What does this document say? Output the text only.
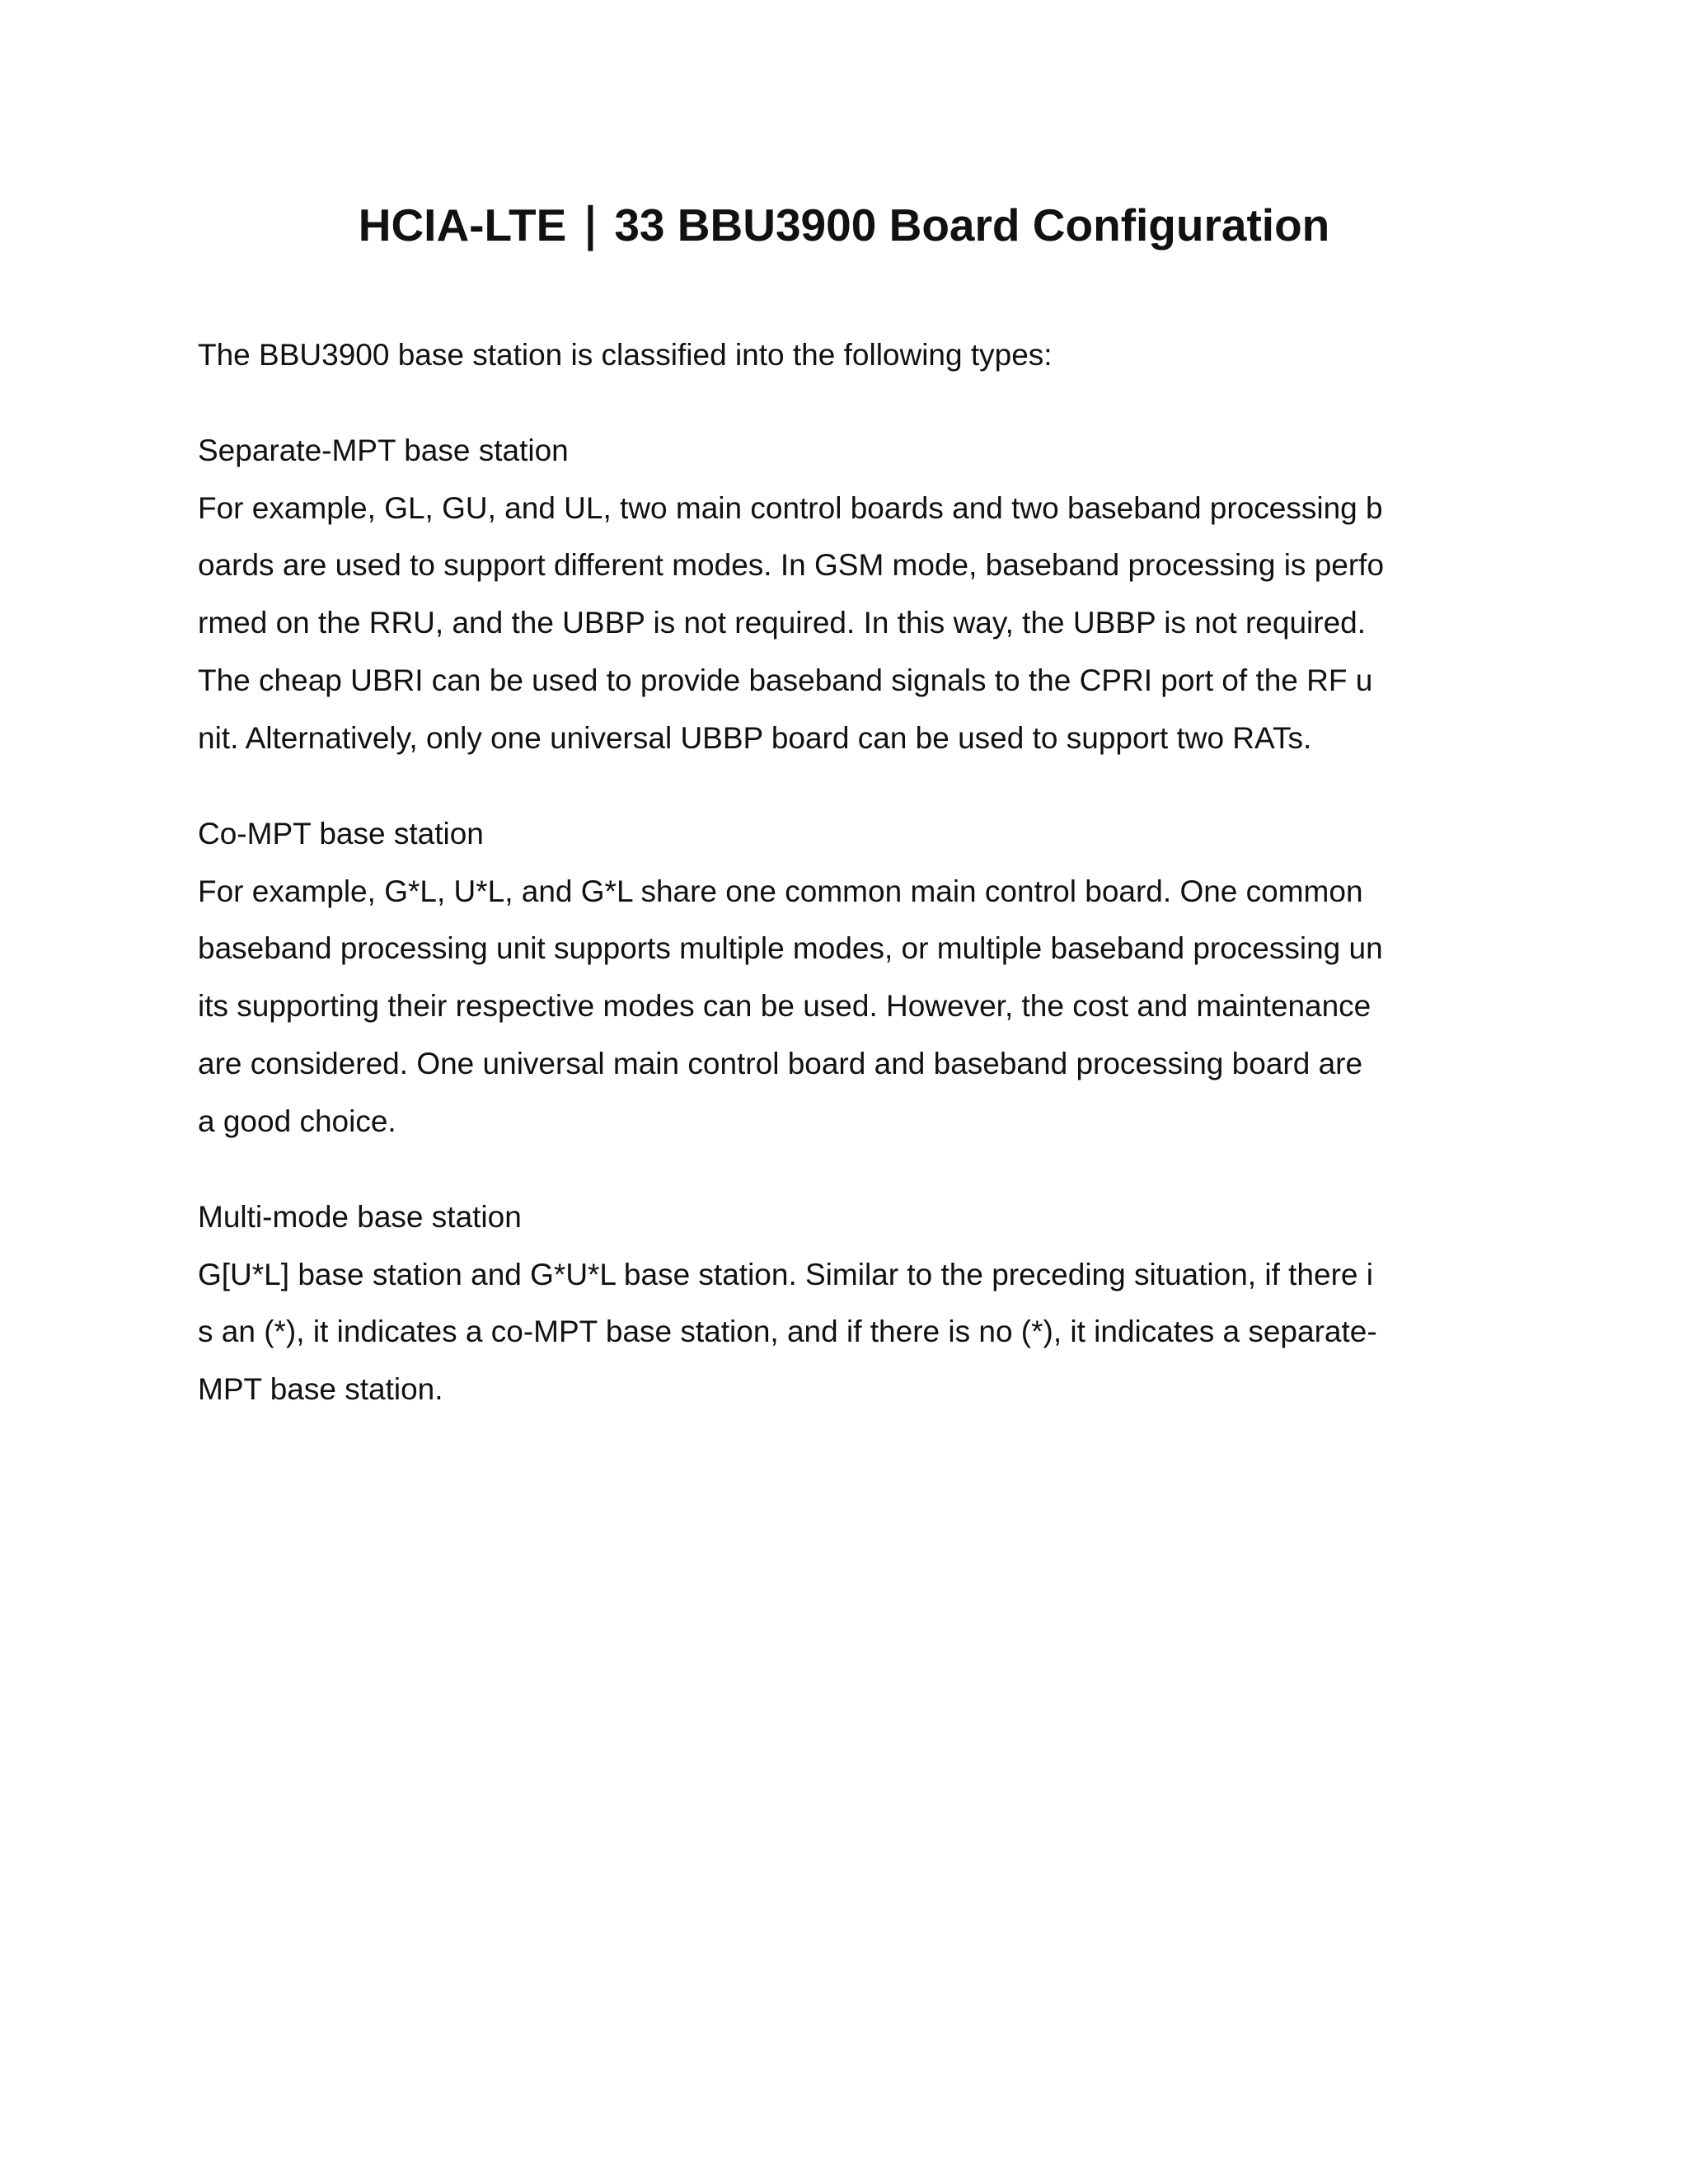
HCIA-LTE ∣ 33 BBU3900 Board Configuration

The BBU3900 base station is classified into the following types:

Separate-MPT base station
For example, GL, GU, and UL, two main control boards and two baseband processing b
oards are used to support different modes. In GSM mode, baseband processing is perfo
rmed on the RRU, and the UBBP is not required. In this way, the UBBP is not required.
The cheap UBRI can be used to provide baseband signals to the CPRI port of the RF u
nit. Alternatively, only one universal UBBP board can be used to support two RATs.
Co-MPT base station
For example, G*L, U*L, and G*L share one common main control board. One common
baseband processing unit supports multiple modes, or multiple baseband processing un
its supporting their respective modes can be used. However, the cost and maintenance
are considered. One universal main control board and baseband processing board are
a good choice.
Multi-mode base station
G[U*L] base station and G*U*L base station. Similar to the preceding situation, if there i
s an (*), it indicates a co-MPT base station, and if there is no (*), it indicates a separate-
MPT base station.
